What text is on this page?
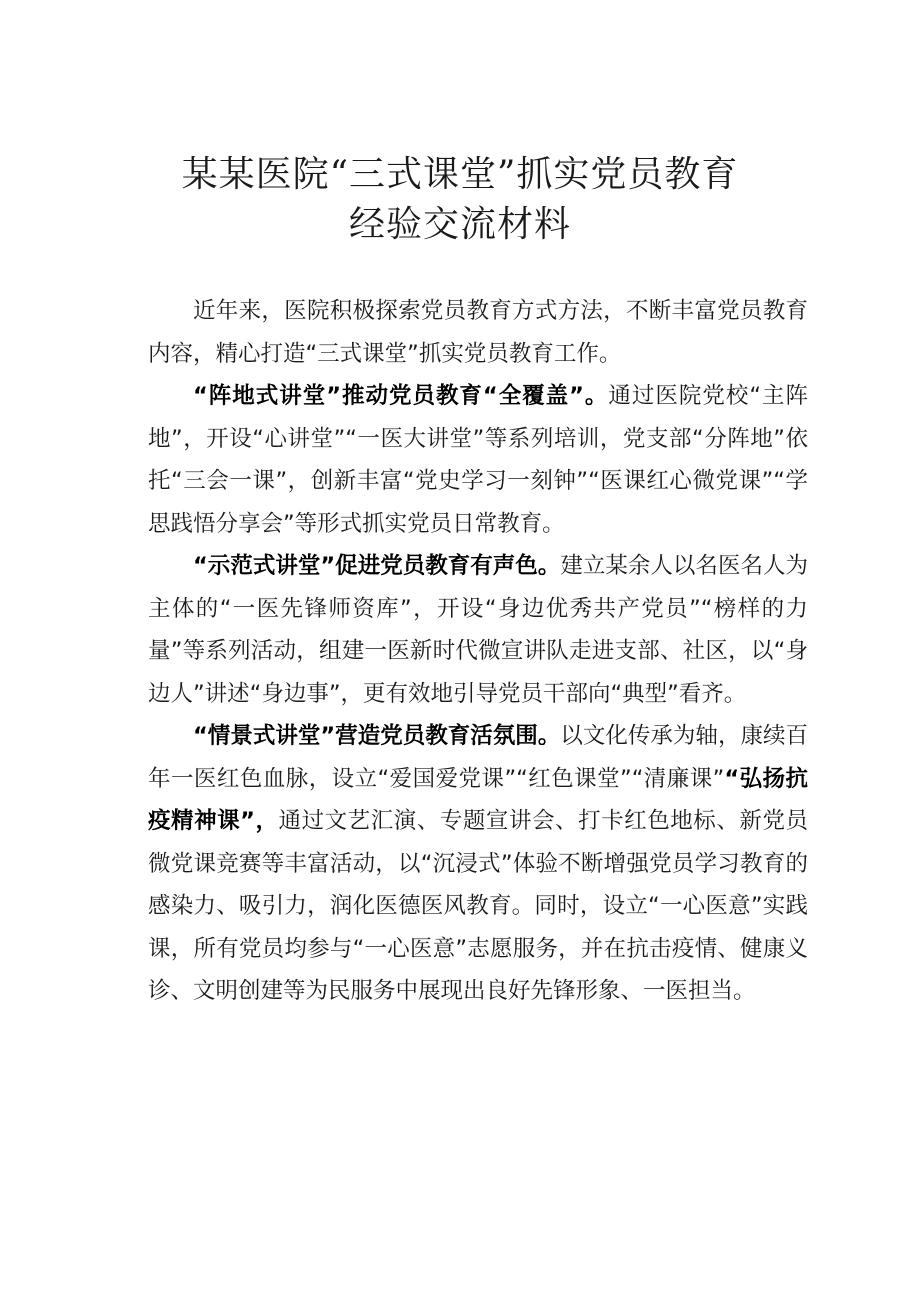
某某医院“三式课堂”抓实党员教育
经验交流材料

近年来，医院积极探索党员教育方式方法，不断丰富党员教育内容，精心打造“三式课堂”抓实党员教育工作。

“阵地式讲堂”推动党员教育“全覆盖”。通过医院党校“主阵地”，开设“心讲堂”“一医大讲堂”等系列培训，党支部“分阵地”依托“三会一课”，创新丰富“党史学习一刻钟”“医课红心微党课”“学思践悟分享会”等形式抓实党员日常教育。

“示范式讲堂”促进党员教育有声色。建立某余人以名医名人为主体的“一医先锋师资库”，开设“身边优秀共产党员”“榜样的力量”等系列活动，组建一医新时代微宣讲队走进支部、社区，以“身边人”讲述“身边事”，更有效地引导党员干部向“典型”看齐。

“情景式讲堂”营造党员教育活氛围。以文化传承为轴，康续百年一医红色血脉，设立“爱国爱党课”“红色课堂”“清廉课”“弘扬抗疫精神课”，通过文艺汇演、专题宣讲会、打卡红色地标、新党员微党课竞赛等丰富活动，以“沉浸式”体验不断增强党员学习教育的感染力、吸引力，润化医德医风教育。同时，设立“一心医意”实践课，所有党员均参与“一心医意”志愿服务，并在抗击疫情、健康义诊、文明创建等为民服务中展现出良好先锋形象、一医担当。
